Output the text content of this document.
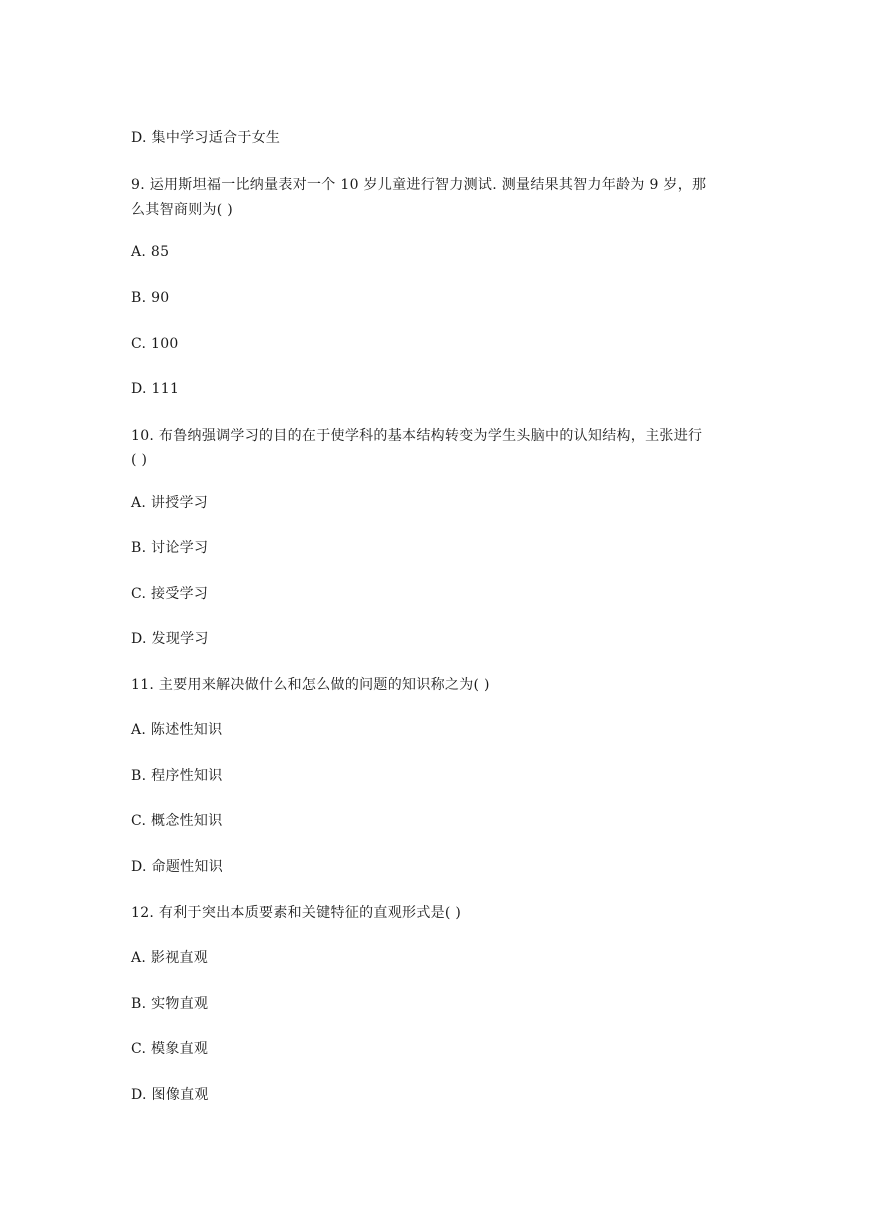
D. 集中学习适合于女生
9. 运用斯坦福一比纳量表对一个 10 岁儿童进行智力测试. 测量结果其智力年龄为 9 岁，那
么其智商则为( )
A. 85
B. 90
C. 100
D. 111
10. 布鲁纳强调学习的目的在于使学科的基本结构转变为学生头脑中的认知结构，主张进行
( )
A. 讲授学习
B. 讨论学习
C. 接受学习
D. 发现学习
11. 主要用来解决做什么和怎么做的问题的知识称之为( )
A. 陈述性知识
B. 程序性知识
C. 概念性知识
D. 命题性知识
12. 有利于突出本质要素和关键特征的直观形式是( )
A. 影视直观
B. 实物直观
C. 模象直观
D. 图像直观
